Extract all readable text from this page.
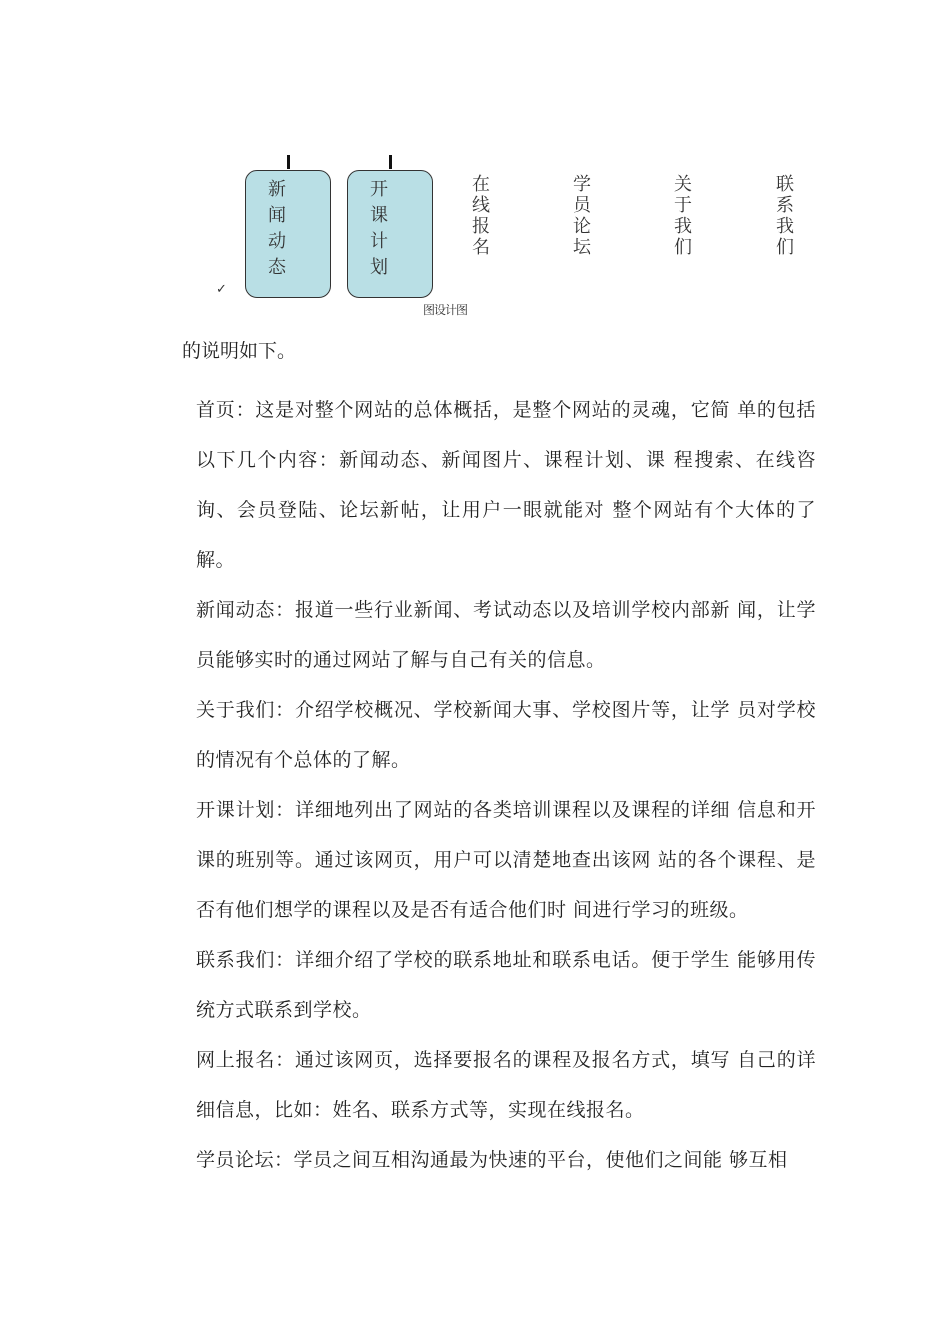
新闻动态
开课计划
在线报名
学员论坛
关于我们
联系我们
✓
图设计图
的说明如下。

首页：这是对整个网站的总体概括，是整个网站的灵魂，它简 单的包括以下几个内容：新闻动态、新闻图片、课程计划、课 程搜索、在线咨询、会员登陆、论坛新帖，让用户一眼就能对 整个网站有个大体的了解。

新闻动态：报道一些行业新闻、考试动态以及培训学校内部新 闻，让学员能够实时的通过网站了解与自己有关的信息。

关于我们：介绍学校概况、学校新闻大事、学校图片等，让学 员对学校的情况有个总体的了解。

开课计划：详细地列出了网站的各类培训课程以及课程的详细 信息和开课的班别等。通过该网页，用户可以清楚地查出该网 站的各个课程、是否有他们想学的课程以及是否有适合他们时 间进行学习的班级。

联系我们：详细介绍了学校的联系地址和联系电话。便于学生 能够用传统方式联系到学校。

网上报名：通过该网页，选择要报名的课程及报名方式，填写 自己的详细信息，比如：姓名、联系方式等，实现在线报名。

学员论坛：学员之间互相沟通最为快速的平台，使他们之间能 够互相
